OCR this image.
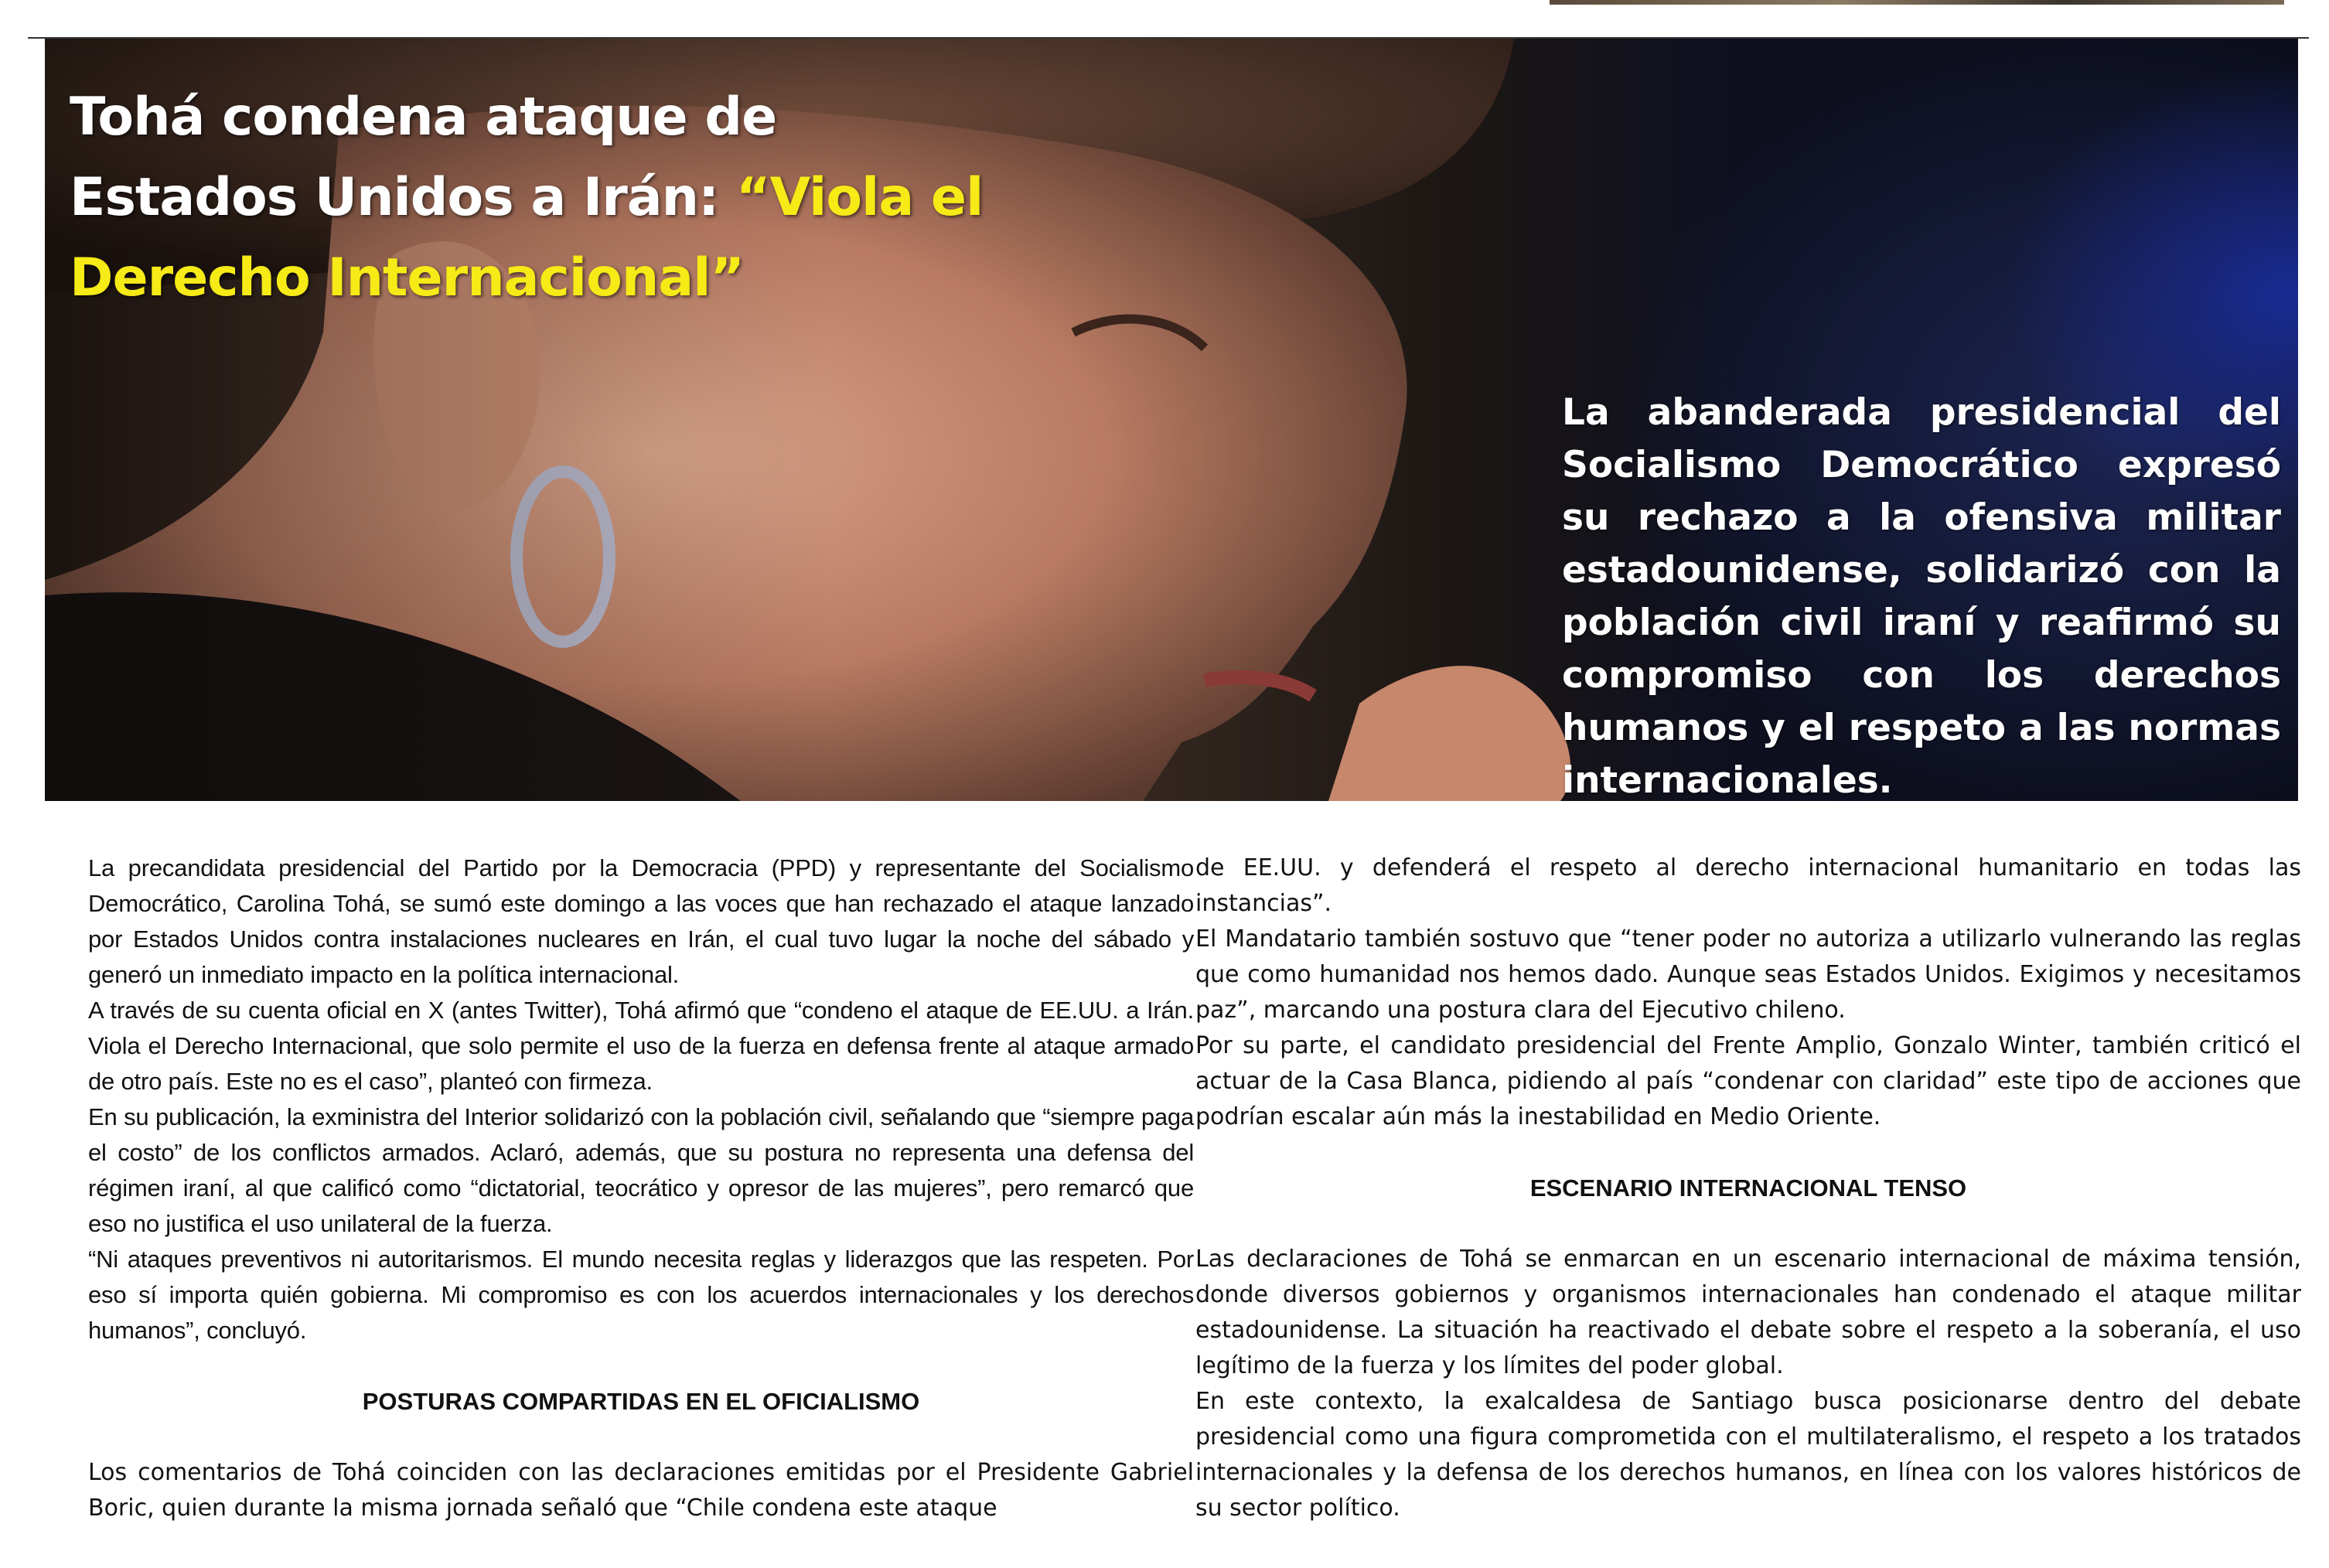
Tohá condena ataque de Estados Unidos a Irán: “Viola el Derecho Internacional”

La abanderada presidencial del Socialismo Democrático expresó su rechazo a la ofensiva militar estadounidense, solidarizó con la población civil iraní y reafirmó su compromiso con los derechos humanos y el respeto a las normas internacionales.

La precandidata presidencial del Partido por la Democracia (PPD) y representante del Socialismo Democrático, Carolina Tohá, se sumó este domingo a las voces que han rechazado el ataque lanzado por Estados Unidos contra instalaciones nucleares en Irán, el cual tuvo lugar la noche del sábado y generó un inmediato impacto en la política internacional.

A través de su cuenta oficial en X (antes Twitter), Tohá afirmó que “condeno el ataque de EE.UU. a Irán. Viola el Derecho Internacional, que solo permite el uso de la fuerza en defensa frente al ataque armado de otro país. Este no es el caso”, planteó con firmeza.

En su publicación, la exministra del Interior solidarizó con la población civil, señalando que “siempre paga el costo” de los conflictos armados. Aclaró, además, que su postura no representa una defensa del régimen iraní, al que calificó como “dictatorial, teocrático y opresor de las mujeres”, pero remarcó que eso no justifica el uso unilateral de la fuerza.

“Ni ataques preventivos ni autoritarismos. El mundo necesita reglas y liderazgos que las respeten. Por eso sí importa quién gobierna. Mi compromiso es con los acuerdos internacionales y los derechos humanos”, concluyó.

POSTURAS COMPARTIDAS EN EL OFICIALISMO

Los comentarios de Tohá coinciden con las declaraciones emitidas por el Presidente Gabriel Boric, quien durante la misma jornada señaló que “Chile condena este ataque

de EE.UU. y defenderá el respeto al derecho internacional humanitario en todas las instancias”.

El Mandatario también sostuvo que “tener poder no autoriza a utilizarlo vulnerando las reglas que como humanidad nos hemos dado. Aunque seas Estados Unidos. Exigimos y necesitamos paz”, marcando una postura clara del Ejecutivo chileno.

Por su parte, el candidato presidencial del Frente Amplio, Gonzalo Winter, también criticó el actuar de la Casa Blanca, pidiendo al país “condenar con claridad” este tipo de acciones que podrían escalar aún más la inestabilidad en Medio Oriente.

ESCENARIO INTERNACIONAL TENSO

Las declaraciones de Tohá se enmarcan en un escenario internacional de máxima tensión, donde diversos gobiernos y organismos internacionales han condenado el ataque militar estadounidense. La situación ha reactivado el debate sobre el respeto a la soberanía, el uso legítimo de la fuerza y los límites del poder global.

En este contexto, la exalcaldesa de Santiago busca posicionarse dentro del debate presidencial como una figura comprometida con el multilateralismo, el respeto a los tratados internacionales y la defensa de los derechos humanos, en línea con los valores históricos de su sector político.
